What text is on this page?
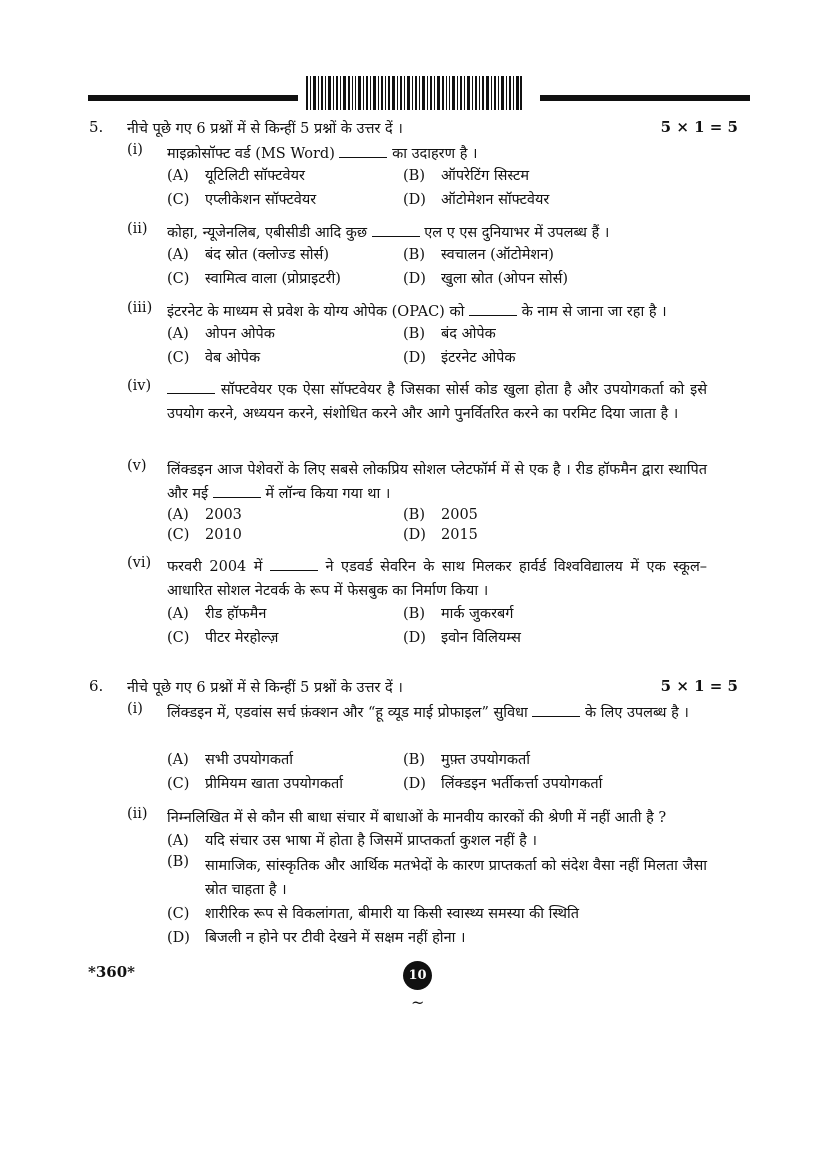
5. नीचे पूछे गए 6 प्रश्नों में से किन्हीं 5 प्रश्नों के उत्तर दें ।	5 × 1 = 5
(i) माइक्रोसॉफ्ट वर्ड (MS Word)	का उदाहरण है ।
(A) यूटिलिटी सॉफ्टवेयर	(B) ऑपरेटिंग सिस्टम
(C) एप्लीकेशन सॉफ्टवेयर	(D) ऑटोमेशन सॉफ्टवेयर
(ii) कोहा, न्यूजेनलिब, एबीसीडी आदि कुछ	एल ए एस दुनियाभर में उपलब्ध हैं ।
(A) बंद स्रोत (क्लोज्ड सोर्स)	(B) स्वचालन (ऑटोमेशन)
(C) स्वामित्व वाला (प्रोप्राइटरी)	(D) खुला स्रोत (ओपन सोर्स)
(iii) इंटरनेट के माध्यम से प्रवेश के योग्य ओपेक (OPAC) को	के नाम से जाना जा रहा है ।
(A) ओपन ओपेक	(B) बंद ओपेक
(C) वेब ओपेक	(D) इंटरनेट ओपेक
(iv)	सॉफ्टवेयर एक ऐसा सॉफ्टवेयर है जिसका सोर्स कोड खुला होता है और उपयोगकर्ता को इसे उपयोग करने, अध्ययन करने, संशोधित करने और आगे पुनर्वितरित करने का परमिट दिया जाता है ।
(v) लिंक्डइन आज पेशेवरों के लिए सबसे लोकप्रिय सोशल प्लेटफॉर्म में से एक है । रीड हॉफमैन द्वारा स्थापित और मई	में लॉन्च किया गया था ।
(A) 2003	(B) 2005
(C) 2010	(D) 2015
(vi) फरवरी 2004 में	ने एडवर्ड सेवरिन के साथ मिलकर हार्वर्ड विश्वविद्यालय में एक स्कूल–आधारित सोशल नेटवर्क के रूप में फेसबुक का निर्माण किया ।
(A) रीड हॉफमैन	(B) मार्क जुकरबर्ग
(C) पीटर मेरहोल्ज़	(D) इवोन विलियम्स
6. नीचे पूछे गए 6 प्रश्नों में से किन्हीं 5 प्रश्नों के उत्तर दें ।	5 × 1 = 5
(i) लिंक्डइन में, एडवांस सर्च फ़ंक्शन और “हू व्यूड माई प्रोफाइल” सुविधा	के लिए उपलब्ध है ।
(A) सभी उपयोगकर्ता	(B) मुफ़्त उपयोगकर्ता
(C) प्रीमियम खाता उपयोगकर्ता	(D) लिंक्डइन भर्तीकर्त्ता उपयोगकर्ता
(ii) निम्नलिखित में से कौन सी बाधा संचार में बाधाओं के मानवीय कारकों की श्रेणी में नहीं आती है ?
(A) यदि संचार उस भाषा में होता है जिसमें प्राप्तकर्ता कुशल नहीं है ।
(B)	सामाजिक, सांस्कृतिक और आर्थिक मतभेदों के कारण प्राप्तकर्ता को संदेश वैसा नहीं मिलता जैसा स्रोत चाहता है ।
(C) शारीरिक रूप से विकलांगता, बीमारी या किसी स्वास्थ्य समस्या की स्थिति
(D) बिजली न होने पर टीवी देखने में सक्षम नहीं होना ।
*360*	10
~
